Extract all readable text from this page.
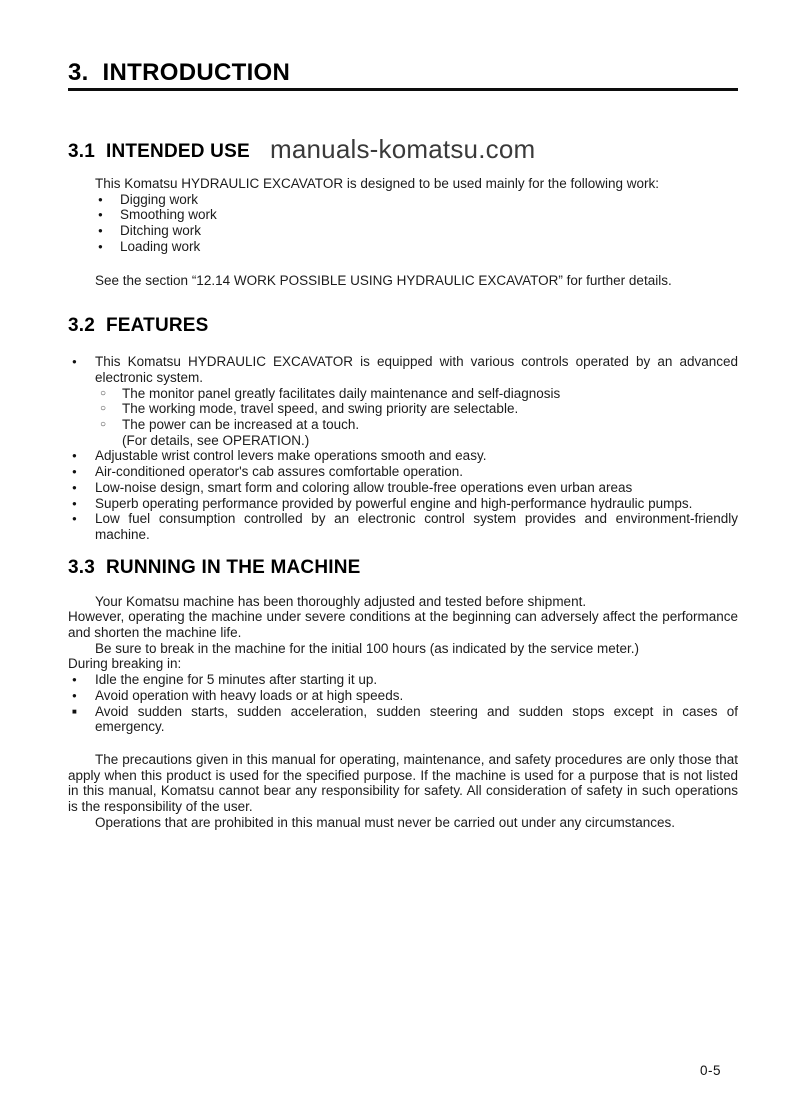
3.  INTRODUCTION
3.1  INTENDED USE manuals-komatsu.com

This Komatsu HYDRAULIC EXCAVATOR is designed to be used mainly for the following work:

●	Digging work

●	Smoothing work

●	Ditching work

●	Loading work

See the section “12.14 WORK POSSIBLE USING HYDRAULIC EXCAVATOR” for further details.

3.2  FEATURES
●	This Komatsu HYDRAULIC EXCAVATOR is equipped with various controls operated by an advanced electronic system.

○	The monitor panel greatly facilitates daily maintenance and self-diagnosis

○	The working mode, travel speed, and swing priority are selectable.

○	The power can be increased at a touch.

(For details, see OPERATION.)

●	Adjustable wrist control levers make operations smooth and easy.

●	Air-conditioned operator's cab assures comfortable operation.

●	Low-noise design, smart form and coloring allow trouble-free operations even urban areas

●	Superb operating performance provided by powerful engine and high-performance hydraulic pumps.

●	Low fuel consumption controlled by an electronic control system provides and environment-friendly machine.

3.3  RUNNING IN THE MACHINE

Your Komatsu machine has been thoroughly adjusted and tested before shipment.

However, operating the machine under severe conditions at the beginning can adversely affect the performance and shorten the machine life.

Be sure to break in the machine for the initial 100 hours (as indicated by the service meter.)

During breaking in:

●	Idle the engine for 5 minutes after starting it up.

●	Avoid operation with heavy loads or at high speeds.

■	Avoid sudden starts, sudden acceleration, sudden steering and sudden stops except in cases of emergency.

The precautions given in this manual for operating, maintenance, and safety procedures are only those that apply when this product is used for the specified purpose. If the machine is used for a purpose that is not listed in this manual, Komatsu cannot bear any responsibility for safety. All consideration of safety in such operations is the responsibility of the user.

Operations that are prohibited in this manual must never be carried out under any circumstances.

0-5
